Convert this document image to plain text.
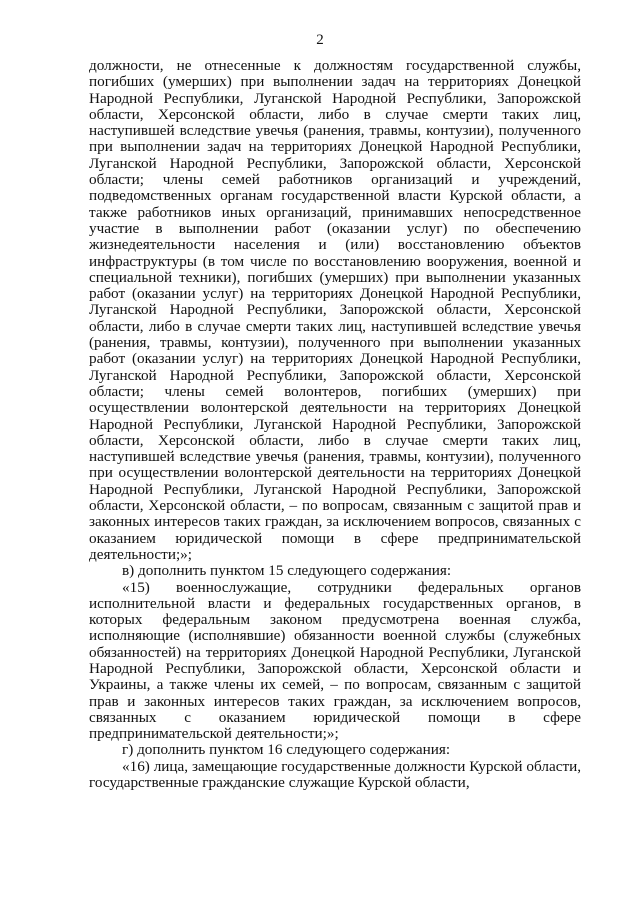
2

должности, не отнесенные к должностям государственной службы, погибших (умерших) при выполнении задач на территориях Донецкой Народной Республики, Луганской Народной Республики, Запорожской области, Херсонской области, либо в случае смерти таких лиц, наступившей вследствие увечья (ранения, травмы, контузии), полученного при выполнении задач на территориях Донецкой Народной Республики, Луганской Народной Республики, Запорожской области, Херсонской области; члены семей работников организаций и учреждений, подведомственных органам государственной власти Курской области, а также работников иных организаций, принимавших непосредственное участие в выполнении работ (оказании услуг) по обеспечению жизнедеятельности населения и (или) восстановлению объектов инфраструктуры (в том числе по восстановлению вооружения, военной и специальной техники), погибших (умерших) при выполнении указанных работ (оказании услуг) на территориях Донецкой Народной Республики, Луганской Народной Республики, Запорожской области, Херсонской области, либо в случае смерти таких лиц, наступившей вследствие увечья (ранения, травмы, контузии), полученного при выполнении указанных работ (оказании услуг) на территориях Донецкой Народной Республики, Луганской Народной Республики, Запорожской области, Херсонской области; члены семей волонтеров, погибших (умерших) при осуществлении волонтерской деятельности на территориях Донецкой Народной Республики, Луганской Народной Республики, Запорожской области, Херсонской области, либо в случае смерти таких лиц, наступившей вследствие увечья (ранения, травмы, контузии), полученного при осуществлении волонтерской деятельности на территориях Донецкой Народной Республики, Луганской Народной Республики, Запорожской области, Херсонской области, – по вопросам, связанным с защитой прав и законных интересов таких граждан, за исключением вопросов, связанных с оказанием юридической помощи в сфере предпринимательской деятельности;»;

в) дополнить пунктом 15 следующего содержания:

«15) военнослужащие, сотрудники федеральных органов исполнительной власти и федеральных государственных органов, в которых федеральным законом предусмотрена военная служба, исполняющие (исполнявшие) обязанности военной службы (служебных обязанностей) на территориях Донецкой Народной Республики, Луганской Народной Республики, Запорожской области, Херсонской области и Украины, а также члены их семей, – по вопросам, связанным с защитой прав и законных интересов таких граждан, за исключением вопросов, связанных с оказанием юридической помощи в сфере предпринимательской деятельности;»;

г) дополнить пунктом 16 следующего содержания:

«16) лица, замещающие государственные должности Курской области, государственные гражданские служащие Курской области,
